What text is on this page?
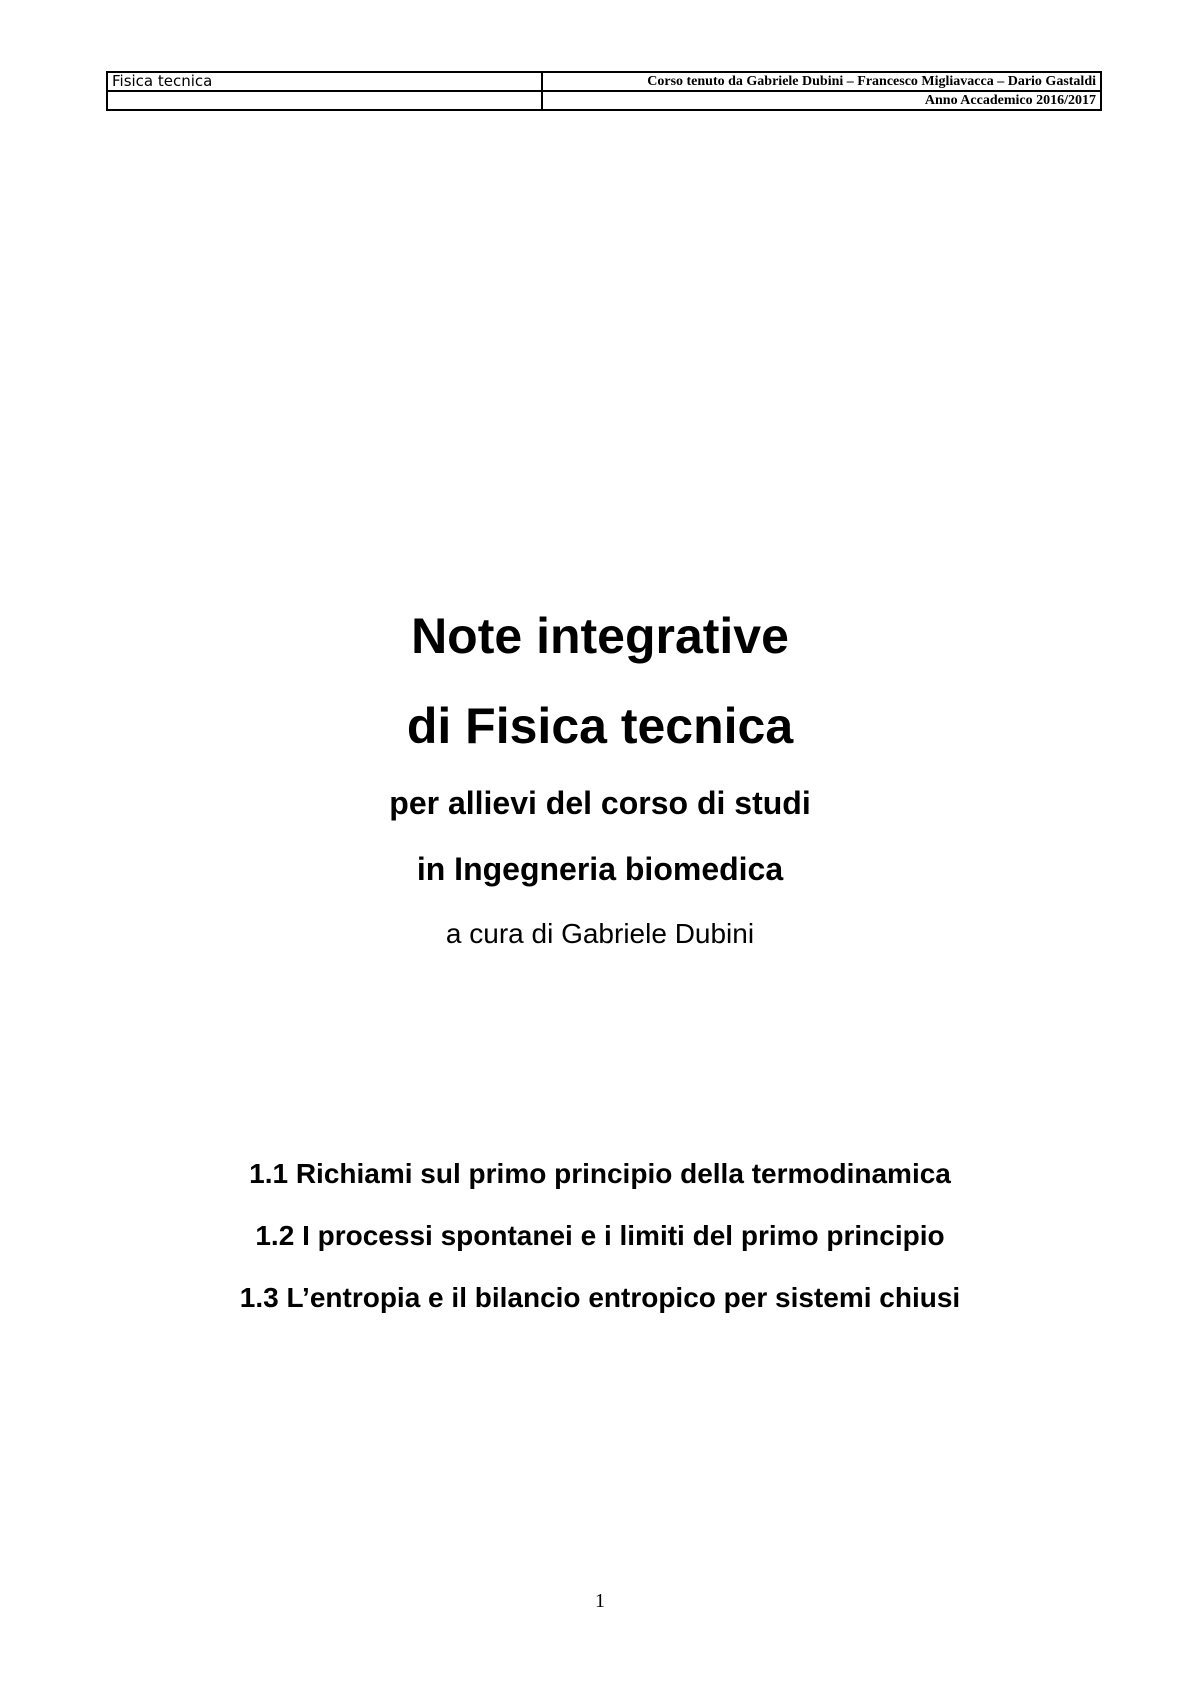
Fisica tecnica	Corso tenuto da Gabriele Dubini – Francesco Migliavacca – Dario Gastaldi
	Anno Accademico 2016/2017
Note integrative
di Fisica tecnica

per allievi del corso di studi

in Ingegneria biomedica

a cura di Gabriele Dubini

1.1 Richiami sul primo principio della termodinamica
1.2 I processi spontanei e i limiti del primo principio
1.3 L’entropia e il bilancio entropico per sistemi chiusi

1
